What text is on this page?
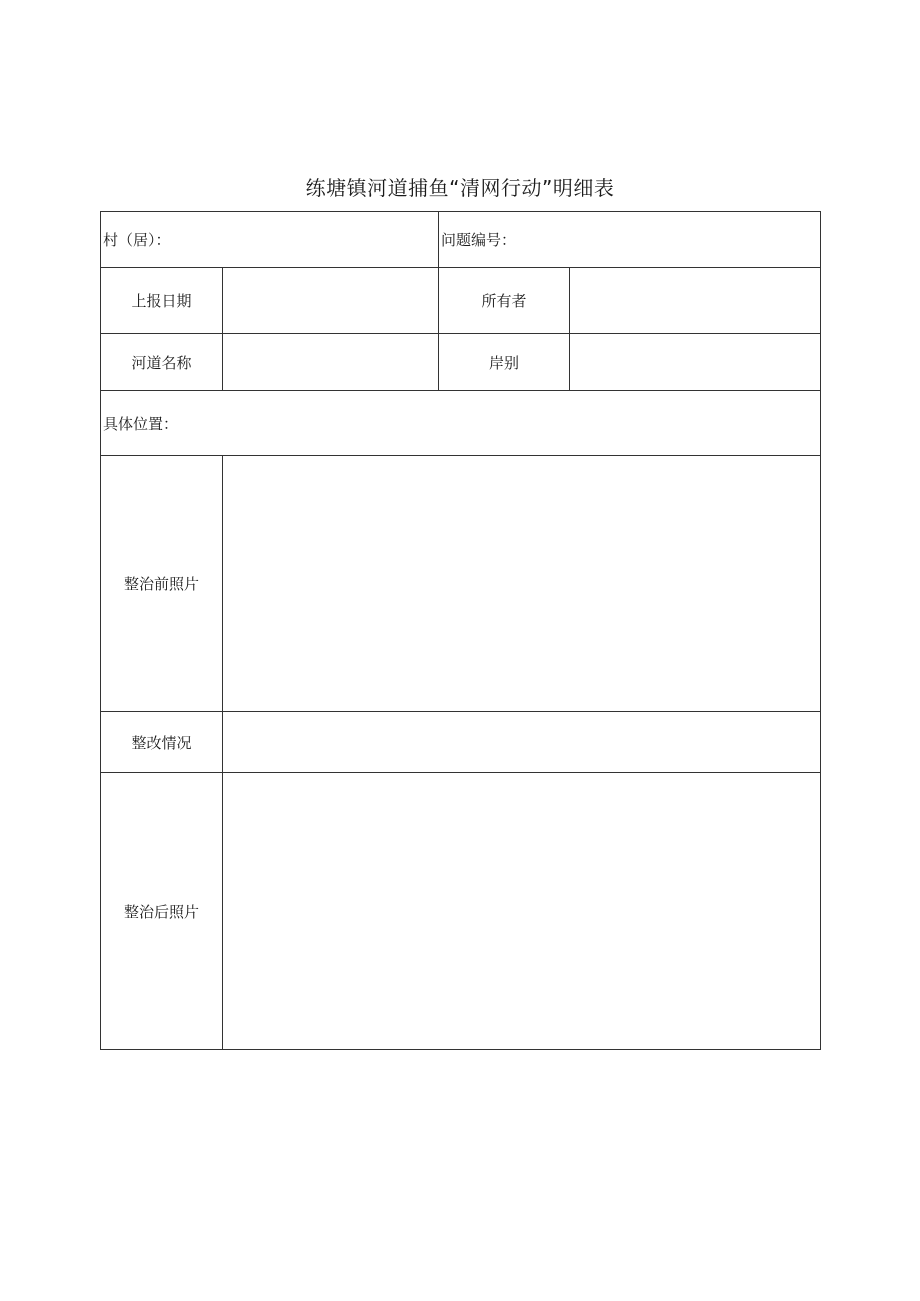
练塘镇河道捕鱼“清网行动”明细表
村（居）：		问题编号：	
上报日期		所有者	
河道名称		岸别	
具体位置：			
整治前照片			
整改情况			
整治后照片			
